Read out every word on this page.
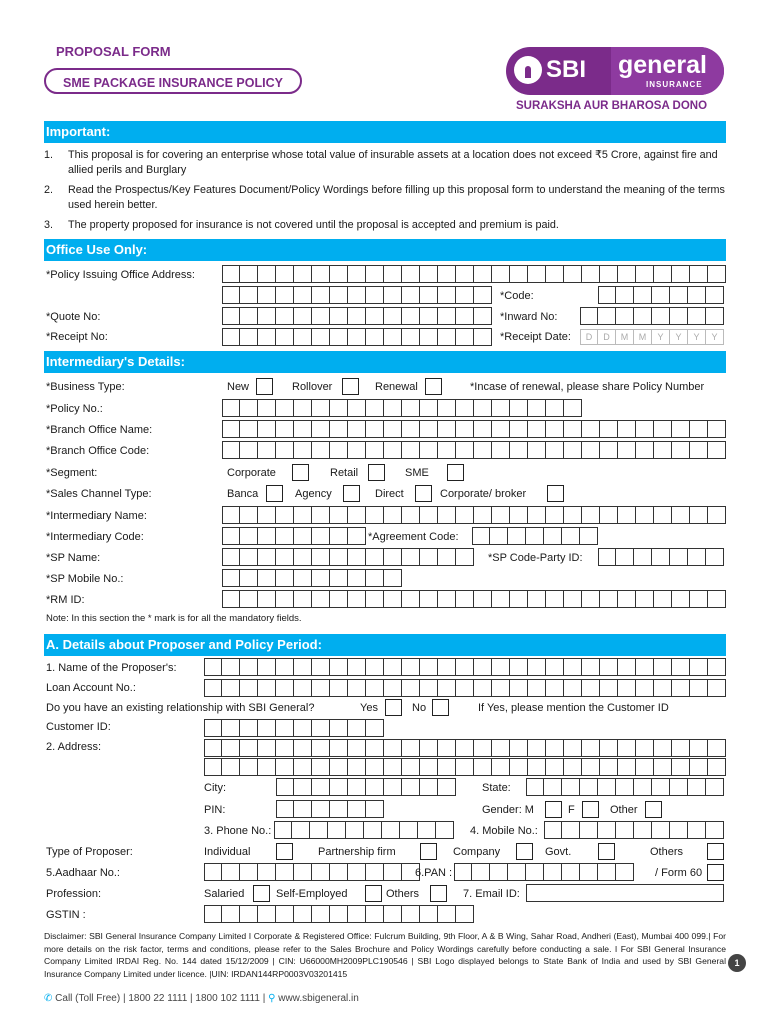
PROPOSAL FORM
SME PACKAGE INSURANCE POLICY	SBI general
INSURANCE
SURAKSHA AUR BHAROSA DONO
Important:
1. This proposal is for covering an enterprise whose total value of insurable assets at a location does not exceed ₹5 Crore, against fire and allied perils and Burglary
2. Read the Prospectus/Key Features Document/Policy Wordings before filling up this proposal form to understand the meaning of the terms used herein better.
3. The property proposed for insurance is not covered until the proposal is accepted and premium is paid.
Office Use Only:
*Policy Issuing Office Address:
*Code:
*Quote No:	*Inward No:
*Receipt No:	*Receipt Date:	D	D	M	M	Y	Y	Y	Y
Intermediary's Details:
*Business Type:	New	Rollover	Renewal	*Incase of renewal, please share Policy Number
*Policy No.:
*Branch Office Name:
*Branch Office Code:
*Segment:	Corporate	Retail	SME
*Sales Channel Type:	Banca	Agency	Direct	Corporate/ broker
*Intermediary Name:
*Intermediary Code:	*Agreement Code:
*SP Name:	*SP Code-Party ID:
*SP Mobile No.:
*RM ID:
Note: In this section the * mark is for all the mandatory fields.
A. Details about Proposer and Policy Period:
1. Name of the Proposer's:
Loan Account No.:
Do you have an existing relationship with SBI General?	Yes	No	If Yes, please mention the Customer ID
Customer ID:
2. Address:
City:	State:
PIN:	Gender: M	F	Other
3. Phone No.:	4. Mobile No.:
Type of Proposer:	Individual	Partnership firm	Company	Govt.	Others
5.Aadhaar No.:	6.PAN :	/ Form 60
Profession:	Salaried	Self-Employed	Others	7. Email ID:
GSTIN :
Disclaimer: SBI General Insurance Company Limited I Corporate & Registered Office: Fulcrum Building, 9th Floor, A & B Wing, Sahar Road, Andheri (East), Mumbai 400 099.| For more details on the risk factor, terms and conditions, please refer to the Sales Brochure and Policy Wordings carefully before conducting a sale. I For SBI General Insurance Company Limited IRDAI Reg. No. 144 dated 15/12/2009 | CIN: U66000MH2009PLC190546 | SBI Logo displayed belongs to State Bank of India and used by SBI General Insurance Company Limited under licence. |UIN: IRDAN144RP0003V03201415
1
✆ Call (Toll Free) | 1800 22 1111 | 1800 102 1111 | ⚲ www.sbigeneral.in
